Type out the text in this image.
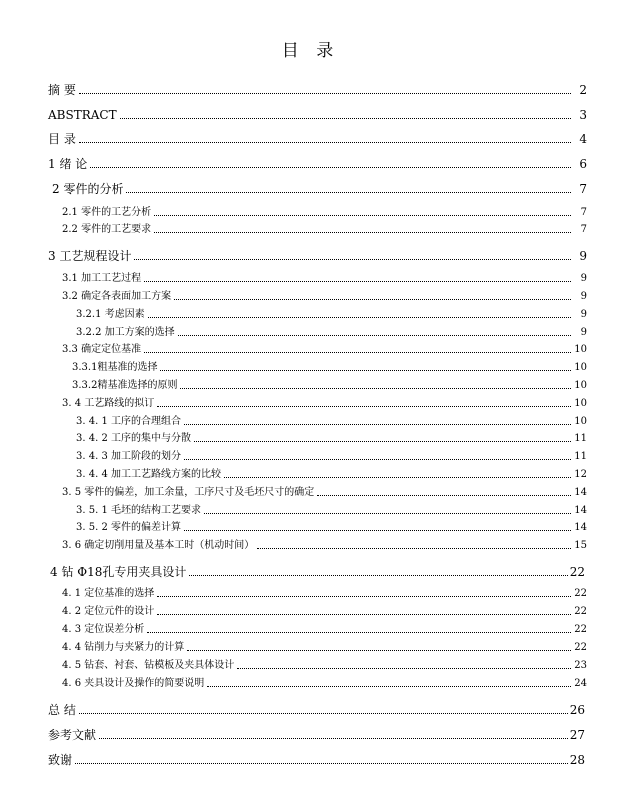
目 录
摘 要	2
ABSTRACT	3
目 录	4
1 绪 论	6
2 零件的分析	7
2.1 零件的工艺分析	7
2.2 零件的工艺要求	7
3 工艺规程设计	9
3.1 加工工艺过程	9
3.2 确定各表面加工方案	9
3.2.1 考虑因素	9
3.2.2 加工方案的选择	9
3.3 确定定位基准	10
3.3.1粗基准的选择	10
3.3.2精基准选择的原则	10
3. 4 工艺路线的拟订	10
3. 4. 1 工序的合理组合	10
3. 4. 2 工序的集中与分散	11
3. 4. 3 加工阶段的划分	11
3. 4. 4 加工工艺路线方案的比较	12
3. 5 零件的偏差，加工余量，工序尺寸及毛坯尺寸的确定	14
3. 5. 1 毛坯的结构工艺要求	14
3. 5. 2 零件的偏差计算	14
3. 6 确定切削用量及基本工时（机动时间）	15
4 钻 Φ18孔专用夹具设计	22
4. 1 定位基准的选择	22
4. 2 定位元件的设计	22
4. 3 定位误差分析	22
4. 4 钻削力与夹紧力的计算	22
4. 5 钻套、衬套、钻模板及夹具体设计	23
4. 6 夹具设计及操作的简要说明	24
总 结	26
参考文献	27
致谢	28
